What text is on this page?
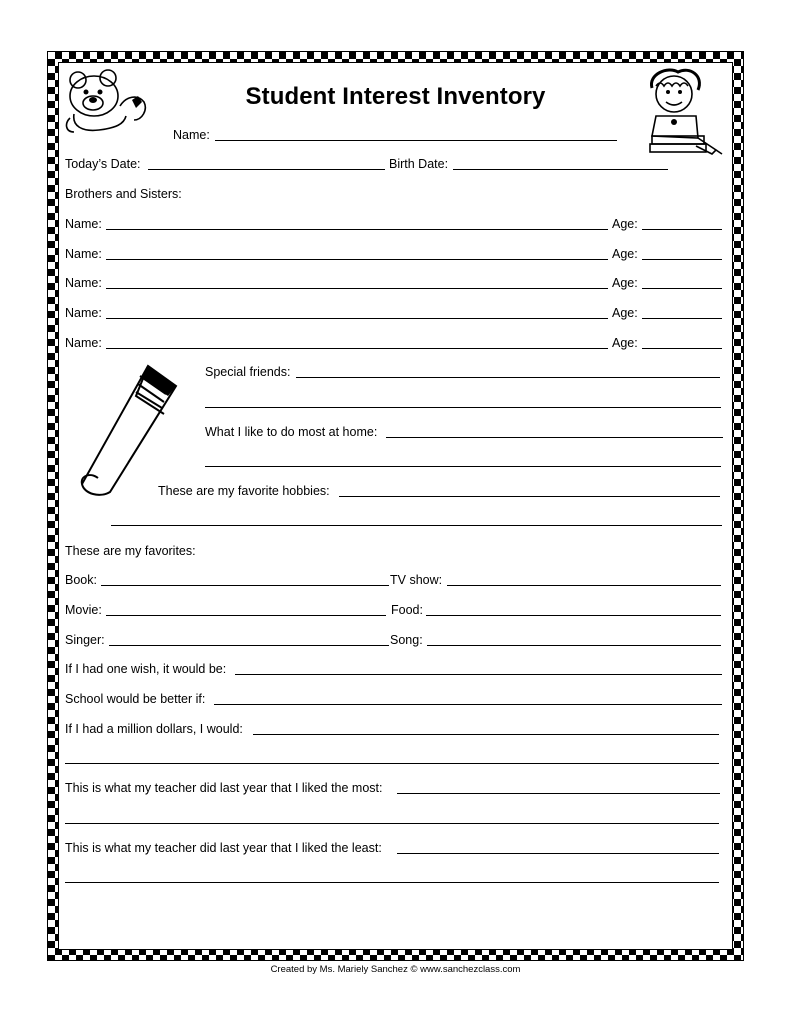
Student Interest Inventory
Name:
Today’s Date:	Birth Date:
Brothers and Sisters:
Name:	Age:
Name:	Age:
Name:	Age:
Name:	Age:
Name:	Age:
Special friends:
What I like to do most at home:
These are my favorite hobbies:
These are my favorites:
Book:	TV show:
Movie:	Food:
Singer:	Song:
If I had one wish, it would be:
School would be better if:
If I had a million dollars, I would:
This is what my teacher did last year that I liked the most:
This is what my teacher did last year that I liked the least:
Created by Ms. Mariely Sanchez © www.sanchezclass.com
